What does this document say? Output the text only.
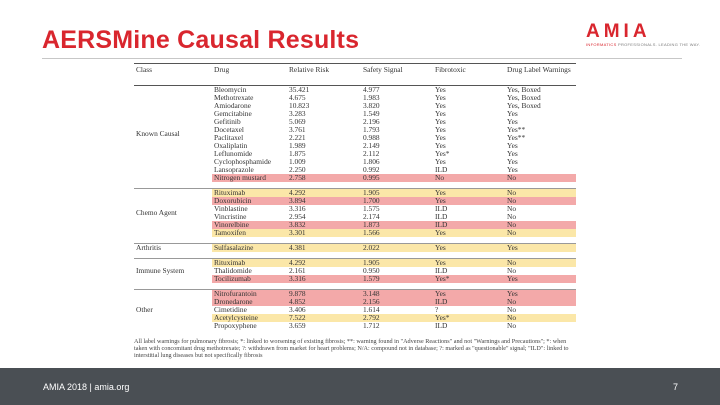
AERSMine Causal Results	AMIA
INFORMATICS PROFESSIONALS. LEADING THE WAY.
Class	Drug	Relative Risk	Safety Signal	Fibrotoxic	Drug Label Warnings
Known Causal	Bleomycin	35.421	4.977	Yes	Yes, Boxed
	Methotrexate	4.675	1.983	Yes	Yes, Boxed
	Amiodarone	10.823	3.820	Yes	Yes, Boxed
	Gemcitabine	3.283	1.549	Yes	Yes
	Gefitinib	5.069	2.196	Yes	Yes
	Docetaxel	3.761	1.793	Yes	Yes**
	Paclitaxel	2.221	0.988	Yes	Yes**
	Oxaliplatin	1.989	2.149	Yes	Yes
	Leflunomide	1.875	2.112	Yes*	Yes
	Cyclophosphamide	1.009	1.806	Yes	Yes
	Lansoprazole	2.250	0.992	ILD	Yes
	Nitrogen mustard	2.758	0.995	No	No

Chemo Agent	Rituximab	4.292	1.905	Yes	No
	Doxorubicin	3.894	1.700	Yes	No
	Vinblastine	3.316	1.575	ILD	No
	Vincristine	2.954	2.174	ILD	No
	Vinorelbine	3.832	1.873	ILD	No
	Tamoxifen	3.301	1.566	Yes	No

Arthritis	Sulfasalazine	4.381	2.022	Yes	Yes

Immune System	Rituximab	4.292	1.905	Yes	No
	Thalidomide	2.161	0.950	ILD	No
	Tocilizumab	3.316	1.579	Yes*	Yes

Other	Nitrofurantoin	9.878	3.148	Yes	Yes
	Dronedarone	4.852	2.156	ILD	No
	Cimetidine	3.406	1.614	?	No
	Acetylcysteine	7.522	2.792	Yes*	No
	Propoxyphene	3.659	1.712	ILD	No
All label warnings for pulmonary fibrosis; *: linked to worsening of existing fibrosis; **: warning found in "Adverse Reactions" and not "Warnings and Precautions"; *: when taken with concomitant drug methotrexate; ?: withdrawn from market for heart problems; N/A: compound not in database; ?: marked as "questionable" signal; "ILD": linked to interstitial lung diseases but not specifically fibrosis
AMIA 2018 | amia.org	7
